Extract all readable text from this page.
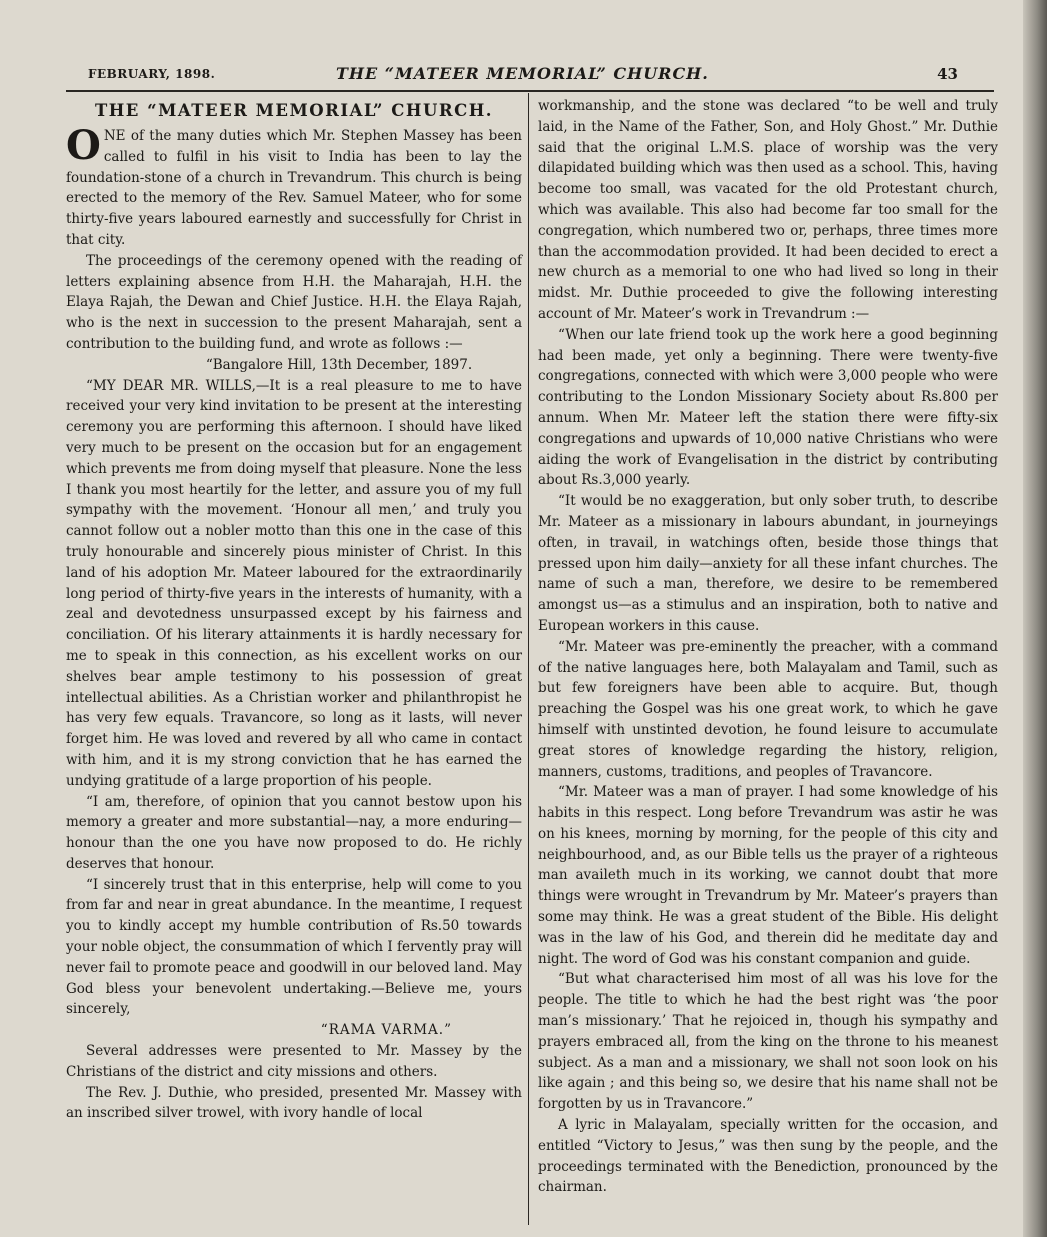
FEBRUARY, 1898.	THE “MATEER MEMORIAL” CHURCH.	43
THE “MATEER MEMORIAL” CHURCH.

ONE of the many duties which Mr. Stephen Massey has been called to fulfil in his visit to India has been to lay the foundation-stone of a church in Trevandrum. This church is being erected to the memory of the Rev. Samuel Mateer, who for some thirty-five years laboured earnestly and successfully for Christ in that city.

The proceedings of the ceremony opened with the reading of letters explaining absence from H.H. the Maharajah, H.H. the Elaya Rajah, the Dewan and Chief Justice. H.H. the Elaya Rajah, who is the next in succession to the present Maharajah, sent a contribution to the building fund, and wrote as follows :—

“Bangalore Hill, 13th December, 1897.

“MY DEAR MR. WILLS,—It is a real pleasure to me to have received your very kind invitation to be present at the interesting ceremony you are performing this afternoon. I should have liked very much to be present on the occasion but for an engagement which prevents me from doing myself that pleasure. None the less I thank you most heartily for the letter, and assure you of my full sympathy with the movement. ‘Honour all men,’ and truly you cannot follow out a nobler motto than this one in the case of this truly honourable and sincerely pious minister of Christ. In this land of his adoption Mr. Mateer laboured for the extraordinarily long period of thirty-five years in the interests of humanity, with a zeal and devotedness unsurpassed except by his fairness and conciliation. Of his literary attainments it is hardly necessary for me to speak in this connection, as his excellent works on our shelves bear ample testimony to his possession of great intellectual abilities. As a Christian worker and philanthropist he has very few equals. Travancore, so long as it lasts, will never forget him. He was loved and revered by all who came in contact with him, and it is my strong conviction that he has earned the undying gratitude of a large proportion of his people.

“I am, therefore, of opinion that you cannot bestow upon his memory a greater and more substantial—nay, a more enduring—honour than the one you have now proposed to do. He richly deserves that honour.

“I sincerely trust that in this enterprise, help will come to you from far and near in great abundance. In the meantime, I request you to kindly accept my humble contribution of Rs.50 towards your noble object, the consummation of which I fervently pray will never fail to promote peace and goodwill in our beloved land. May God bless your benevolent undertaking.—Believe me, yours sincerely,

“RAMA VARMA.”

Several addresses were presented to Mr. Massey by the Christians of the district and city missions and others.

The Rev. J. Duthie, who presided, presented Mr. Massey with an inscribed silver trowel, with ivory handle of local

workmanship, and the stone was declared “to be well and truly laid, in the Name of the Father, Son, and Holy Ghost.” Mr. Duthie said that the original L.M.S. place of worship was the very dilapidated building which was then used as a school. This, having become too small, was vacated for the old Protestant church, which was available. This also had become far too small for the congregation, which numbered two or, perhaps, three times more than the accommodation provided. It had been decided to erect a new church as a memorial to one who had lived so long in their midst. Mr. Duthie proceeded to give the following interesting account of Mr. Mateer’s work in Trevandrum :—

“When our late friend took up the work here a good beginning had been made, yet only a beginning. There were twenty-five congregations, connected with which were 3,000 people who were contributing to the London Missionary Society about Rs.800 per annum. When Mr. Mateer left the station there were fifty-six congregations and upwards of 10,000 native Christians who were aiding the work of Evangelisation in the district by contributing about Rs.3,000 yearly.

“It would be no exaggeration, but only sober truth, to describe Mr. Mateer as a missionary in labours abundant, in journeyings often, in travail, in watchings often, beside those things that pressed upon him daily—anxiety for all these infant churches. The name of such a man, therefore, we desire to be remembered amongst us—as a stimulus and an inspiration, both to native and European workers in this cause.

“Mr. Mateer was pre-eminently the preacher, with a command of the native languages here, both Malayalam and Tamil, such as but few foreigners have been able to acquire. But, though preaching the Gospel was his one great work, to which he gave himself with unstinted devotion, he found leisure to accumulate great stores of knowledge regarding the history, religion, manners, customs, traditions, and peoples of Travancore.

“Mr. Mateer was a man of prayer. I had some knowledge of his habits in this respect. Long before Trevandrum was astir he was on his knees, morning by morning, for the people of this city and neighbourhood, and, as our Bible tells us the prayer of a righteous man availeth much in its working, we cannot doubt that more things were wrought in Trevandrum by Mr. Mateer’s prayers than some may think. He was a great student of the Bible. His delight was in the law of his God, and therein did he meditate day and night. The word of God was his constant companion and guide.

“But what characterised him most of all was his love for the people. The title to which he had the best right was ‘the poor man’s missionary.’ That he rejoiced in, though his sympathy and prayers embraced all, from the king on the throne to his meanest subject. As a man and a missionary, we shall not soon look on his like again ; and this being so, we desire that his name shall not be forgotten by us in Travancore.”

A lyric in Malayalam, specially written for the occasion, and entitled “Victory to Jesus,” was then sung by the people, and the proceedings terminated with the Benediction, pronounced by the chairman.
